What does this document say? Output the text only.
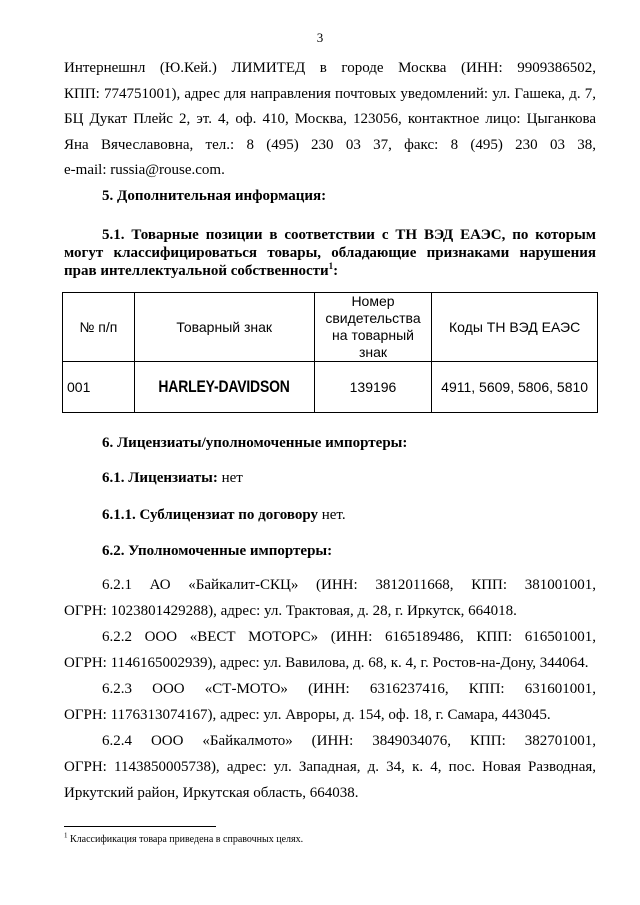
3
Интернешнл (Ю.Кей.) ЛИМИТЕД в городе Москва (ИНН: 9909386502,
КПП: 774751001), адрес для направления почтовых уведомлений: ул. Гашека, д. 7,
БЦ Дукат Плейс 2, эт. 4, оф. 410, Москва, 123056, контактное лицо: Цыганкова
Яна Вячеславовна, тел.: 8 (495) 230 03 37, факс: 8 (495) 230 03 38,
e-mail: russia@rouse.com.
5. Дополнительная информация:
5.1. Товарные позиции в соответствии с ТН ВЭД ЕАЭС, по которым могут классифицироваться товары, обладающие признаками нарушения прав интеллектуальной собственности$^1$:
№ п/п	Товарный знак	Номер свидетельства на товарный знак	Коды ТН ВЭД ЕАЭС
001	HARLEY-DAVIDSON	139196	4911, 5609, 5806, 5810
6. Лицензиаты/уполномоченные импортеры:
6.1. Лицензиаты: нет
6.1.1. Сублицензиат по договору нет.
6.2. Уполномоченные импортеры:
6.2.1 АО «Байкалит-СКЦ» (ИНН: 3812011668, КПП: 381001001,
ОГРН: 1023801429288), адрес: ул. Трактовая, д. 28, г. Иркутск, 664018.
6.2.2 ООО «ВЕСТ МОТОРС» (ИНН: 6165189486, КПП: 616501001,
ОГРН: 1146165002939), адрес: ул. Вавилова, д. 68, к. 4, г. Ростов-на-Дону, 344064.
6.2.3 ООО «СТ-МОТО» (ИНН: 6316237416, КПП: 631601001,
ОГРН: 1176313074167), адрес: ул. Авроры, д. 154, оф. 18, г. Самара, 443045.
6.2.4 ООО «Байкалмото» (ИНН: 3849034076, КПП: 382701001,
ОГРН: 1143850005738), адрес: ул. Западная, д. 34, к. 4, пос. Новая Разводная,
Иркутский район, Иркутская область, 664038.
$^1$ Классификация товара приведена в справочных целях.
